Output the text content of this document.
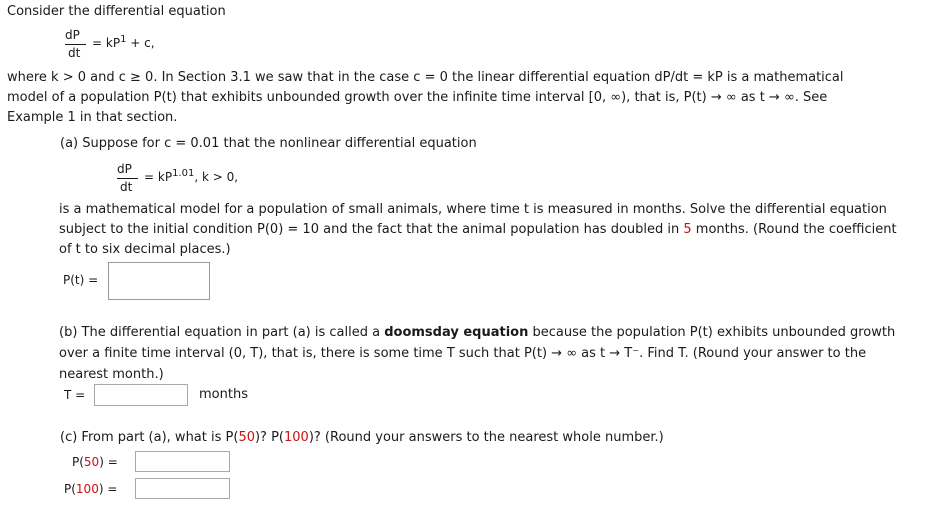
Consider the differential equation
dP
dt
= $kP^1 + c$,
where k > 0 and c ≥ 0. In Section 3.1 we saw that in the case c = 0 the linear differential equation dP/dt = kP is a mathematical
model of a population P(t) that exhibits unbounded growth over the infinite time interval [0, ∞), that is, P(t) → ∞ as t → ∞. See
Example 1 in that section.
(a) Suppose for c = 0.01 that the nonlinear differential equation
dP
dt
= $kP^{1.01}$, k > 0,
is a mathematical model for a population of small animals, where time t is measured in months. Solve the differential equation
subject to the initial condition P(0) = 10 and the fact that the animal population has doubled in 5 months. (Round the coefficient
of t to six decimal places.)
P(t) =
(b) The differential equation in part (a) is called a doomsday equation because the population P(t) exhibits unbounded growth
over a finite time interval (0, T), that is, there is some time T such that P(t) → ∞ as t → T⁻. Find T. (Round your answer to the
nearest month.)
T =	months
(c) From part (a), what is P(50)? P(100)? (Round your answers to the nearest whole number.)
P(50) =
P(100) =
